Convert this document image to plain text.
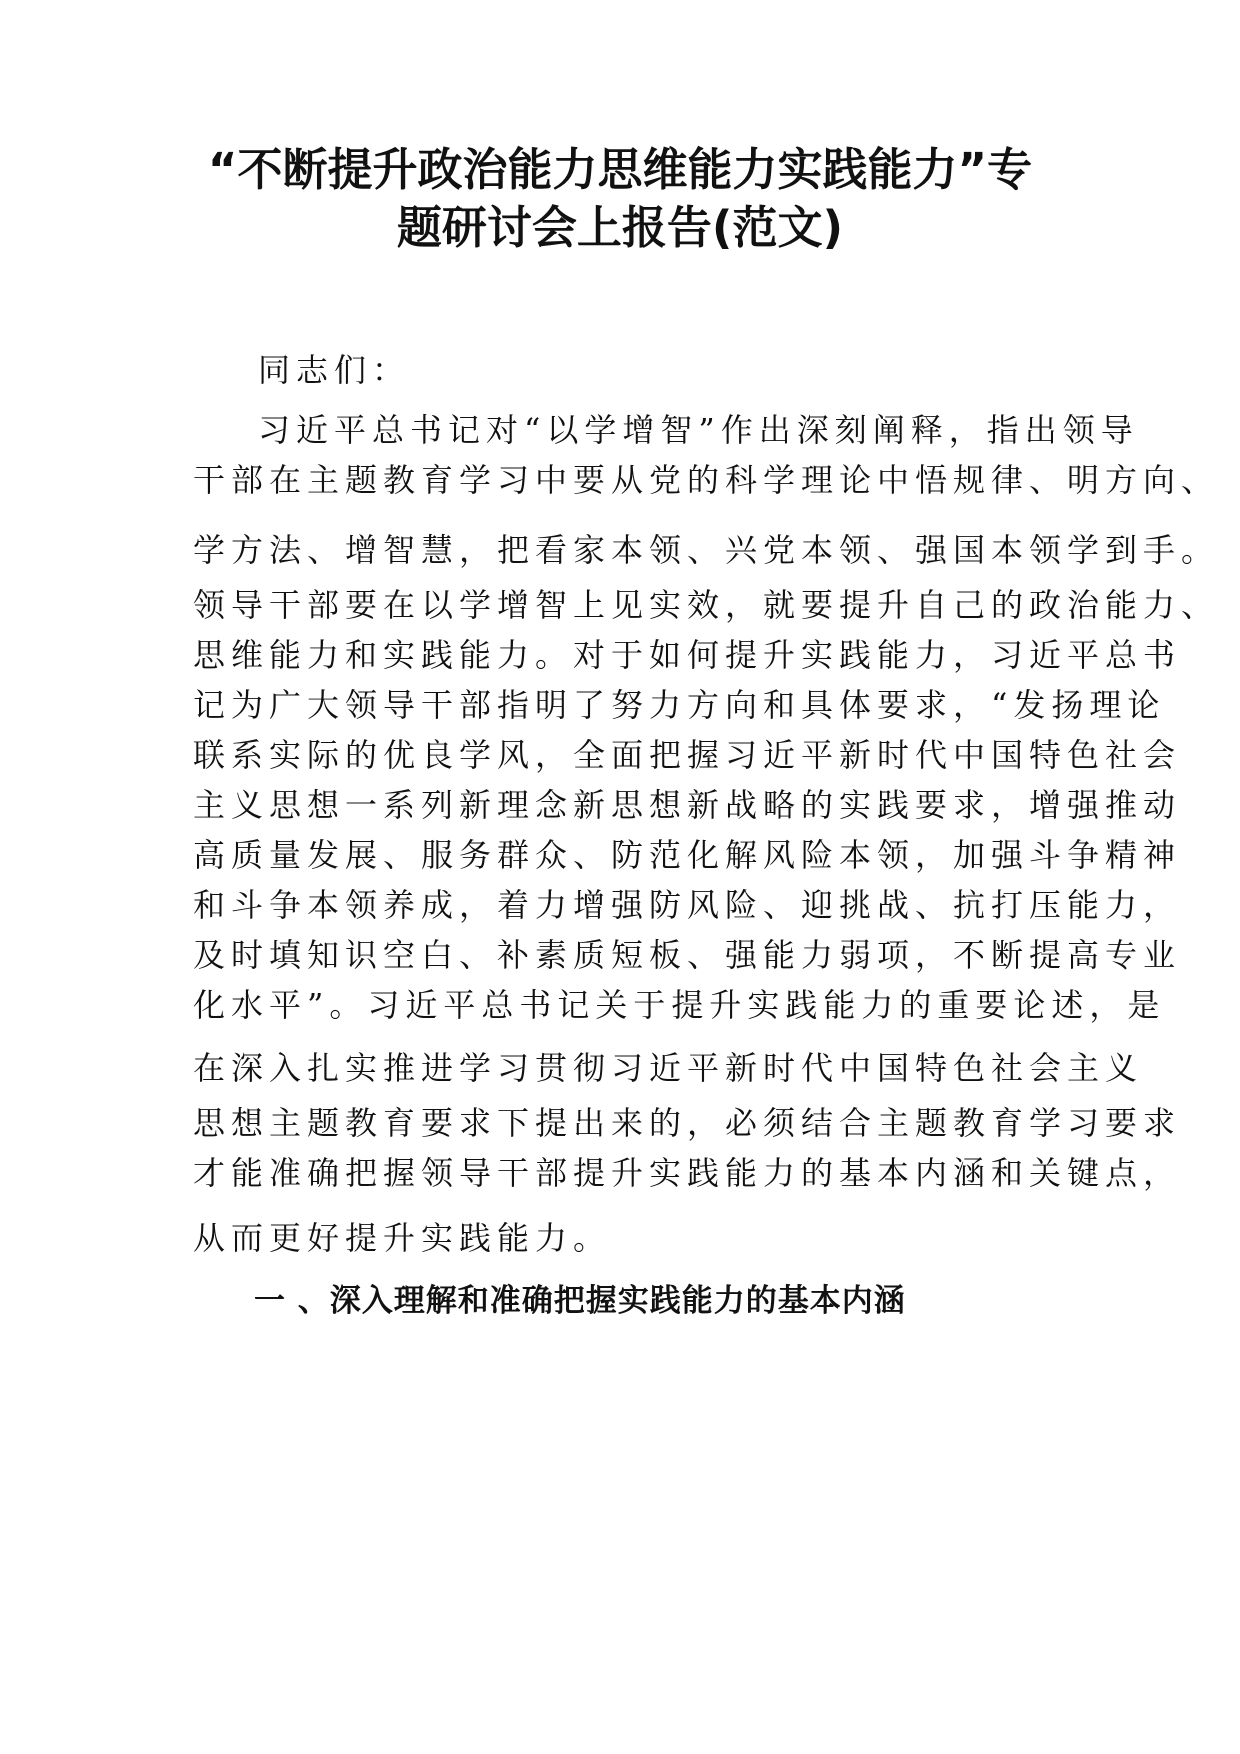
“不断提升政治能力思维能力实践能力”专
题研讨会上报告(范文)
同志们：
习近平总书记对“以学增智”作出深刻阐释，指出领导
干部在主题教育学习中要从党的科学理论中悟规律、明方向、
学方法、增智慧，把看家本领、兴党本领、强国本领学到手。
领导干部要在以学增智上见实效，就要提升自己的政治能力、
思维能力和实践能力。对于如何提升实践能力，习近平总书
记为广大领导干部指明了努力方向和具体要求，“发扬理论
联系实际的优良学风，全面把握习近平新时代中国特色社会
主义思想一系列新理念新思想新战略的实践要求，增强推动
高质量发展、服务群众、防范化解风险本领，加强斗争精神
和斗争本领养成，着力增强防风险、迎挑战、抗打压能力，
及时填知识空白、补素质短板、强能力弱项，不断提高专业
化水平”。习近平总书记关于提升实践能力的重要论述，是
在深入扎实推进学习贯彻习近平新时代中国特色社会主义
思想主题教育要求下提出来的，必须结合主题教育学习要求
才能准确把握领导干部提升实践能力的基本内涵和关键点，
从而更好提升实践能力。
一 、深入理解和准确把握实践能力的基本内涵
